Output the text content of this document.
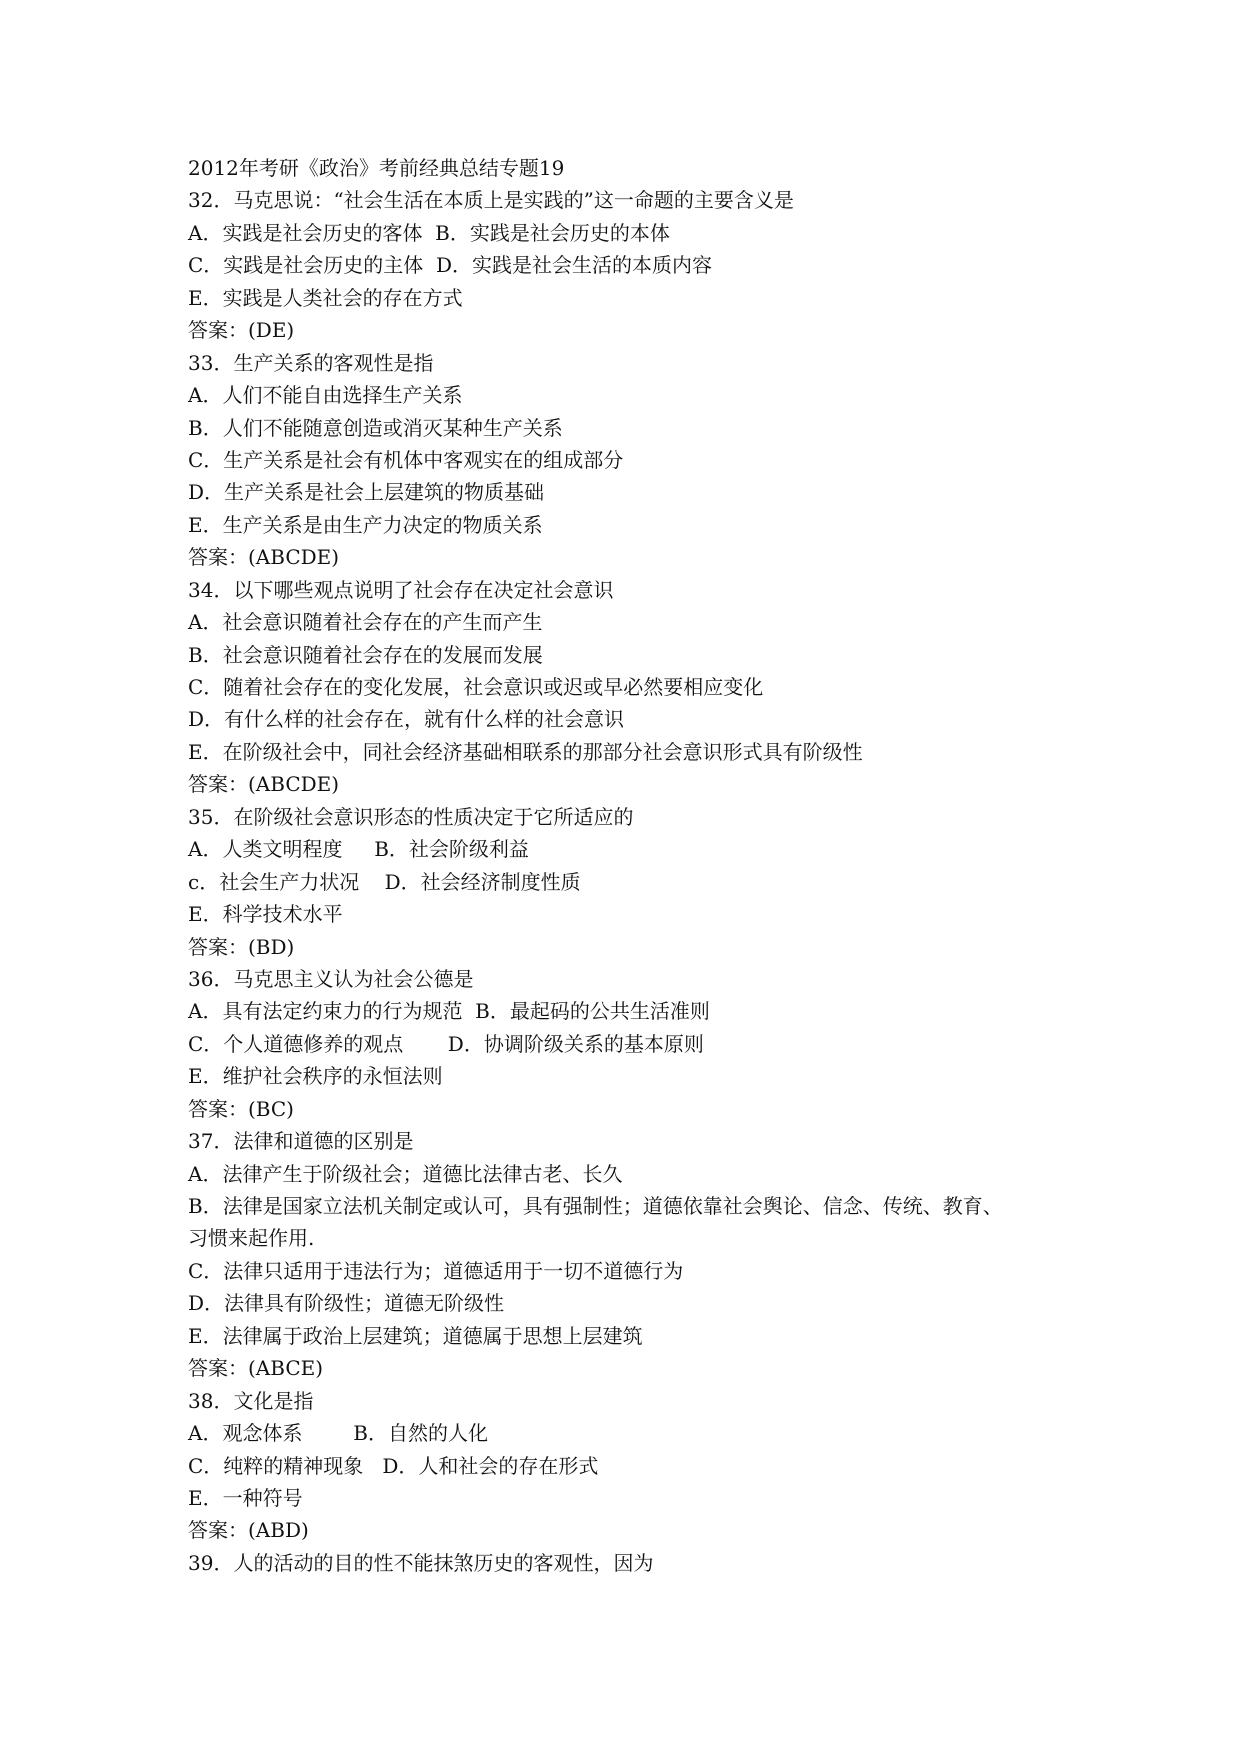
2012年考研《政治》考前经典总结专题19
32．马克思说：“社会生活在本质上是实践的”这一命题的主要含义是
A．实践是社会历史的客体  B．实践是社会历史的本体
C．实践是社会历史的主体  D．实践是社会生活的本质内容
E．实践是人类社会的存在方式
答案：(DE)
33．生产关系的客观性是指
A．人们不能自由选择生产关系
B．人们不能随意创造或消灭某种生产关系
C．生产关系是社会有机体中客观实在的组成部分
D．生产关系是社会上层建筑的物质基础
E．生产关系是由生产力决定的物质关系
答案：(ABCDE)
34．以下哪些观点说明了社会存在决定社会意识
A．社会意识随着社会存在的产生而产生
B．社会意识随着社会存在的发展而发展
C．随着社会存在的变化发展，社会意识或迟或早必然要相应变化
D．有什么样的社会存在，就有什么样的社会意识
E．在阶级社会中，同社会经济基础相联系的那部分社会意识形式具有阶级性
答案：(ABCDE)
35．在阶级社会意识形态的性质决定于它所适应的
A．人类文明程度     B．社会阶级利益
c．社会生产力状况    D．社会经济制度性质
E．科学技术水平
答案：(BD)
36．马克思主义认为社会公德是
A．具有法定约束力的行为规范  B．最起码的公共生活准则
C．个人道德修养的观点       D．协调阶级关系的基本原则
E．维护社会秩序的永恒法则
答案：(BC)
37．法律和道德的区别是
A．法律产生于阶级社会；道德比法律古老、长久
B．法律是国家立法机关制定或认可，具有强制性；道德依靠社会舆论、信念、传统、教育、
习惯来起作用.
C．法律只适用于违法行为；道德适用于一切不道德行为
D．法律具有阶级性；道德无阶级性
E．法律属于政治上层建筑；道德属于思想上层建筑
答案：(ABCE)
38．文化是指
A．观念体系        B．自然的人化
C．纯粹的精神现象   D．人和社会的存在形式
E．一种符号
答案：(ABD)
39．人的活动的目的性不能抹煞历史的客观性，因为
